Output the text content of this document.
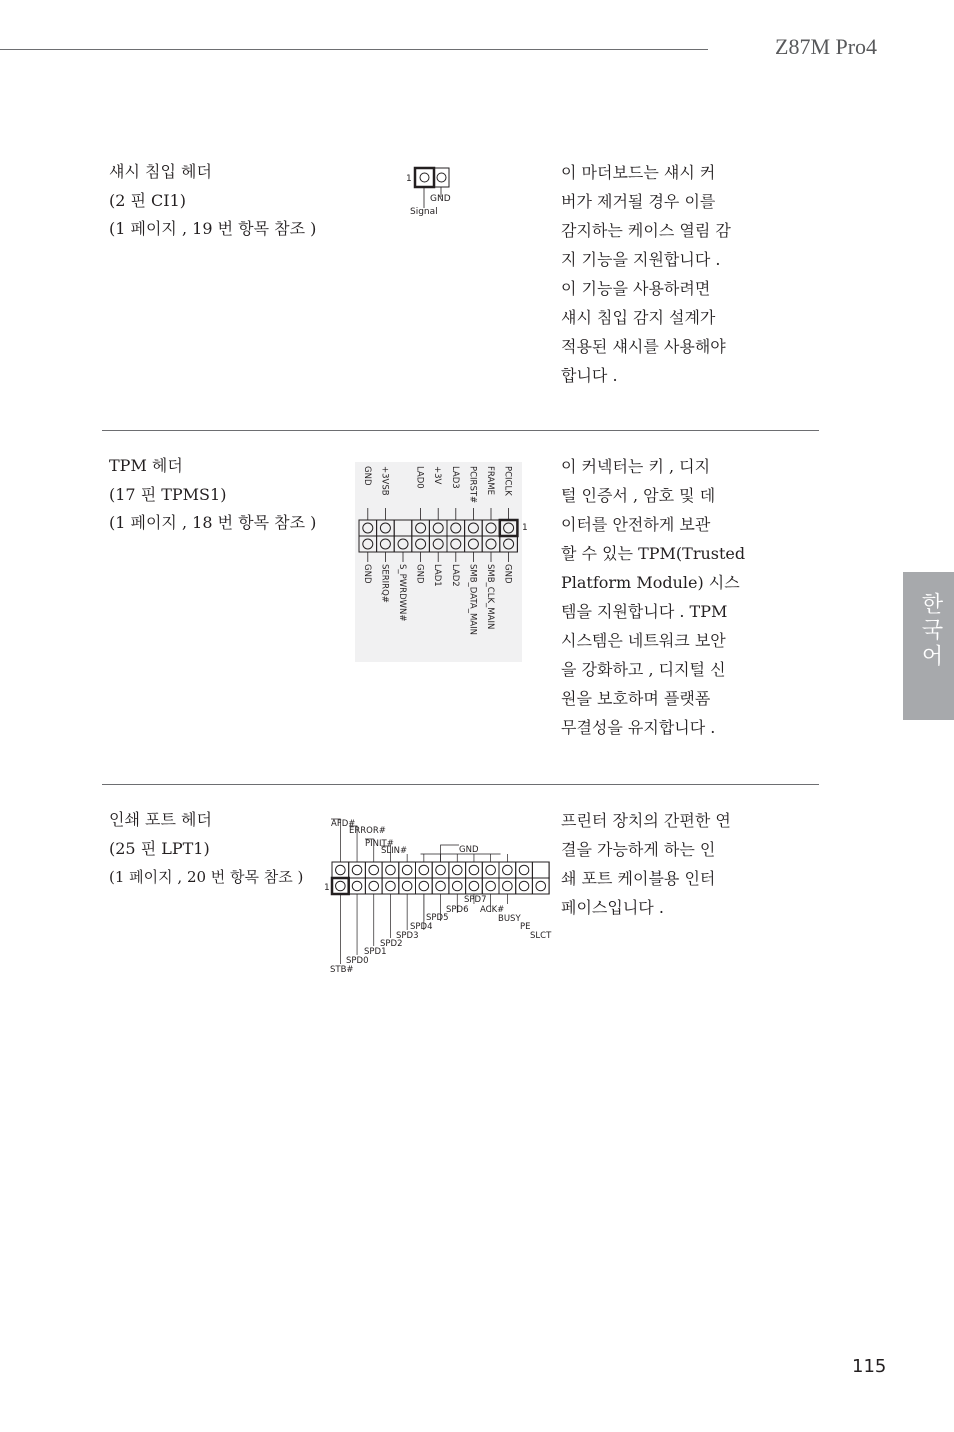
Z87M Pro4
섀시 침입 헤더
(2 핀 CI1)
(1 페이지 , 19 번 항목 참조 )
1
GND
Signal
이 마더보드는 섀시 커
버가 제거될 경우 이를
감지하는 케이스 열림 감
지 기능을 지원합니다 .
이 기능을 사용하려면
섀시 침입 감지 설계가
적용된 섀시를 사용해야
합니다 .
TPM 헤더
(17 핀 TPMS1)
(1 페이지 , 18 번 항목 참조 )
GND +3VSB	LAD0 +3V LAD3 PCIRST# FRAME PCICLK
GND SERIRQ# S_PWRDWN# GND LAD1 LAD2 SMB_DATA_MAIN SMB_CLK_MAIN GND
1
이 커넥터는 키 , 디지
털 인증서 , 암호 및 데
이터를 안전하게 보관
할 수 있는 TPM(Trusted
Platform Module) 시스
템을 지원합니다 . TPM
시스템은 네트워크 보안
을 강화하고 , 디지털 신
원을 보호하며 플랫폼
무결성을 유지합니다 .
인쇄 포트 헤더
(25 핀 LPT1)
(1 페이지 , 20 번 항목 참조 )
AFD#
ERROR#
PINIT#
SLIN#	GND
SPD7
SPD6 ACK#
SPD5	BUSY
SPD4	PE
SPD3	SLCT
SPD2
SPD1
SPD0
STB#
1
프린터 장치의 간편한 연
결을 가능하게 하는 인
쇄 포트 케이블용 인터
페이스입니다 .
한국어
115
